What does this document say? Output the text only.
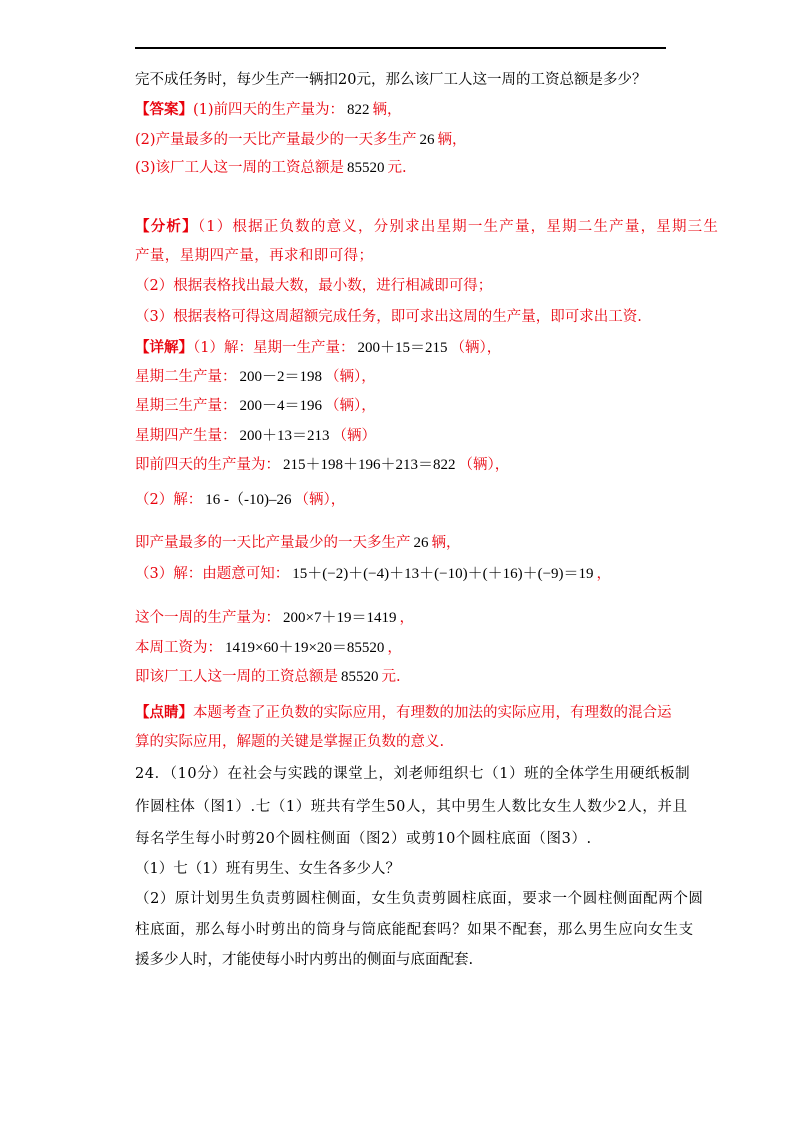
完不成任务时，每少生产一辆扣20元，那么该厂工人这一周的工资总额是多少？
【答案】(1)前四天的生产量为： 822 辆，
(2)产量最多的一天比产量最少的一天多生产 26 辆，
(3)该厂工人这一周的工资总额是 85520 元.
【分析】（1）根据正负数的意义，分别求出星期一生产量，星期二生产量，星期三生
产量，星期四产量，再求和即可得；
（2）根据表格找出最大数，最小数，进行相减即可得；
（3）根据表格可得这周超额完成任务，即可求出这周的生产量，即可求出工资.
【详解】（1）解：星期一生产量： 200＋15＝215 （辆），
星期二生产量： 200－2＝198 （辆），
星期三生产量： 200－4＝196 （辆），
星期四产生量： 200＋13＝213 （辆）
即前四天的生产量为： 215＋198＋196＋213＝822 （辆），
（2）解： 16 -（-10)–26 （辆），
即产量最多的一天比产量最少的一天多生产 26 辆，
（3）解：由题意可知： 15＋(−2)＋(−4)＋13＋(−10)＋(＋16)＋(−9)＝19 ，
这个一周的生产量为： 200×7＋19＝1419 ，
本周工资为： 1419×60＋19×20＝85520 ，
即该厂工人这一周的工资总额是 85520 元.
【点睛】本题考查了正负数的实际应用，有理数的加法的实际应用，有理数的混合运
算的实际应用，解题的关键是掌握正负数的意义.
24．（10分）在社会与实践的课堂上，刘老师组织七（1）班的全体学生用硬纸板制
作圆柱体（图1）.七（1）班共有学生50人，其中男生人数比女生人数少2人，并且
每名学生每小时剪20个圆柱侧面（图2）或剪10个圆柱底面（图3）.
（1）七（1）班有男生、女生各多少人？
（2）原计划男生负责剪圆柱侧面，女生负责剪圆柱底面，要求一个圆柱侧面配两个圆
柱底面，那么每小时剪出的筒身与筒底能配套吗？如果不配套，那么男生应向女生支
援多少人时，才能使每小时内剪出的侧面与底面配套.
